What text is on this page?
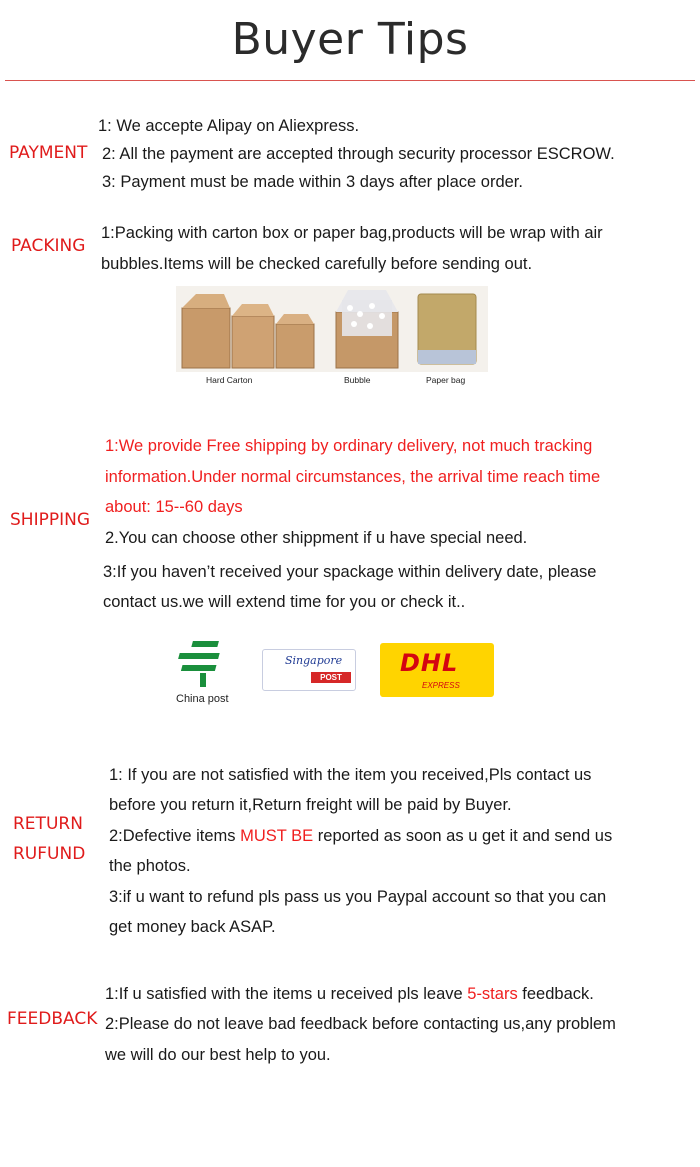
Buyer Tips
PAYMENT
1: We accepte Alipay on Aliexpress.
2: All the payment are accepted through security processor ESCROW.
3: Payment must be made within 3 days after place order.
PACKING
1:Packing with carton box or paper bag,products will be wrap with air
bubbles.Items will be checked carefully before sending out.
Hard Carton	Bubble	Paper bag
SHIPPING
1:We provide Free shipping by ordinary delivery, not much tracking
information.Under normal circumstances, the arrival time reach time
about: 15--60 days
2.You can choose other shippment if u have special need.
3:If you haven’t received your spackage within delivery date, please
contact us.we will extend time for you or check it..
China post
Singapore
POST
DHL
EXPRESS
RETURN
RUFUND
1: If you are not satisfied with the item you received,Pls contact us
before you return it,Return freight will be paid by Buyer.
2:Defective items MUST BE reported as soon as u get it and send us
the photos.
3:if u want to refund pls pass us you Paypal account so that you can
get money back ASAP.
FEEDBACK
1:If u satisfied with the items u received pls leave 5-stars feedback.
2:Please do not leave bad feedback before contacting us,any problem
we will do our best help to you.
